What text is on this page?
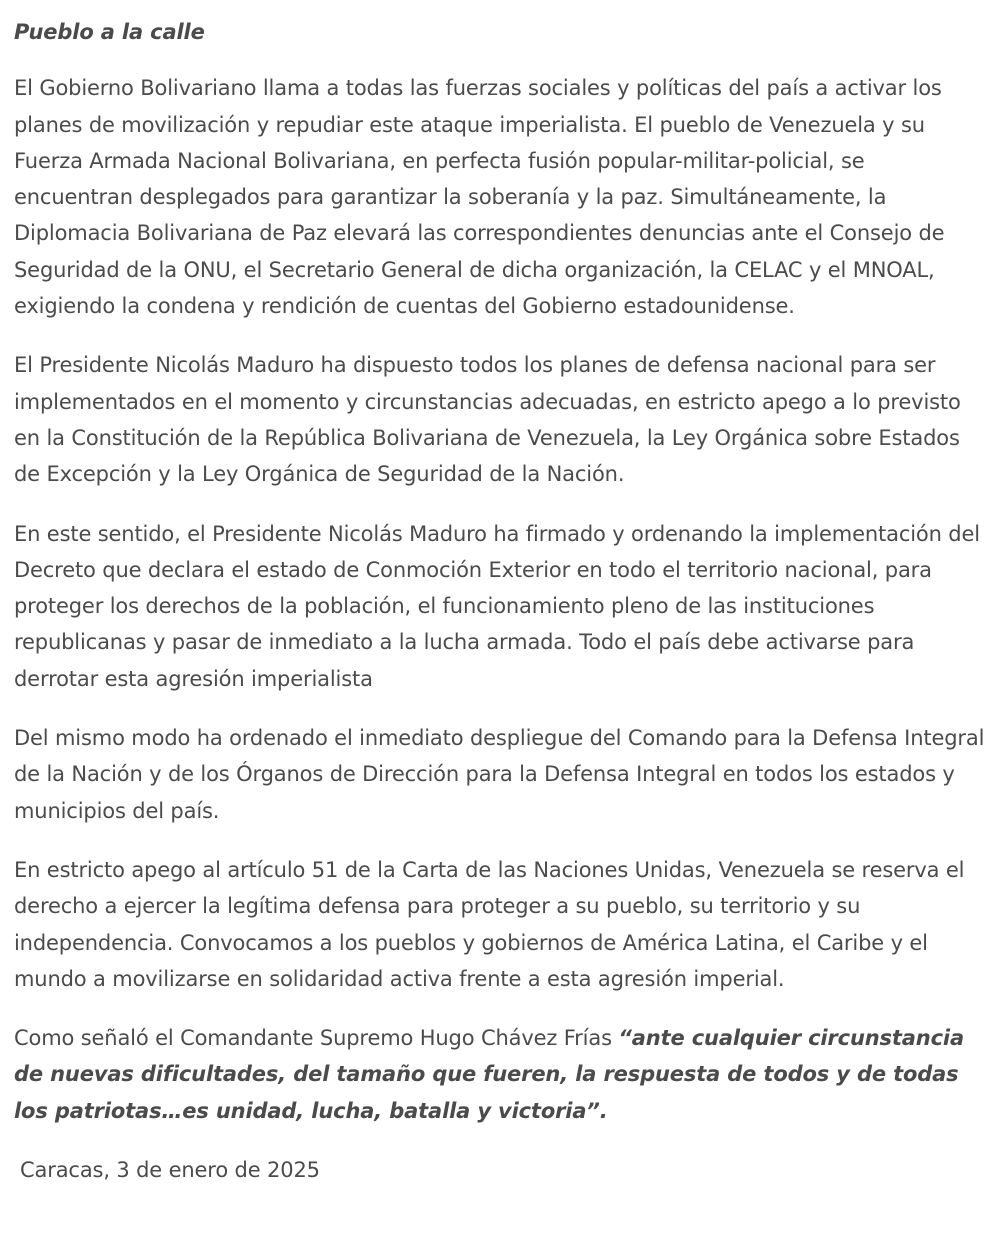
Pueblo a la calle

El Gobierno Bolivariano llama a todas las fuerzas sociales y políticas del país a activar los planes de movilización y repudiar este ataque imperialista. El pueblo de Venezuela y su Fuerza Armada Nacional Bolivariana, en perfecta fusión popular-militar-policial, se encuentran desplegados para garantizar la soberanía y la paz. Simultáneamente, la Diplomacia Bolivariana de Paz elevará las correspondientes denuncias ante el Consejo de Seguridad de la ONU, el Secretario General de dicha organización, la CELAC y el MNOAL, exigiendo la condena y rendición de cuentas del Gobierno estadounidense.

El Presidente Nicolás Maduro ha dispuesto todos los planes de defensa nacional para ser implementados en el momento y circunstancias adecuadas, en estricto apego a lo previsto en la Constitución de la República Bolivariana de Venezuela, la Ley Orgánica sobre Estados de Excepción y la Ley Orgánica de Seguridad de la Nación.

En este sentido, el Presidente Nicolás Maduro ha firmado y ordenando la implementación del Decreto que declara el estado de Conmoción Exterior en todo el territorio nacional, para proteger los derechos de la población, el funcionamiento pleno de las instituciones republicanas y pasar de inmediato a la lucha armada. Todo el país debe activarse para derrotar esta agresión imperialista

Del mismo modo ha ordenado el inmediato despliegue del Comando para la Defensa Integral de la Nación y de los Órganos de Dirección para la Defensa Integral en todos los estados y municipios del país.

En estricto apego al artículo 51 de la Carta de las Naciones Unidas, Venezuela se reserva el derecho a ejercer la legítima defensa para proteger a su pueblo, su territorio y su independencia. Convocamos a los pueblos y gobiernos de América Latina, el Caribe y el mundo a movilizarse en solidaridad activa frente a esta agresión imperial.

Como señaló el Comandante Supremo Hugo Chávez Frías “ante cualquier circunstancia de nuevas dificultades, del tamaño que fueren, la respuesta de todos y de todas los patriotas…es unidad, lucha, batalla y victoria”.

Caracas, 3 de enero de 2025
